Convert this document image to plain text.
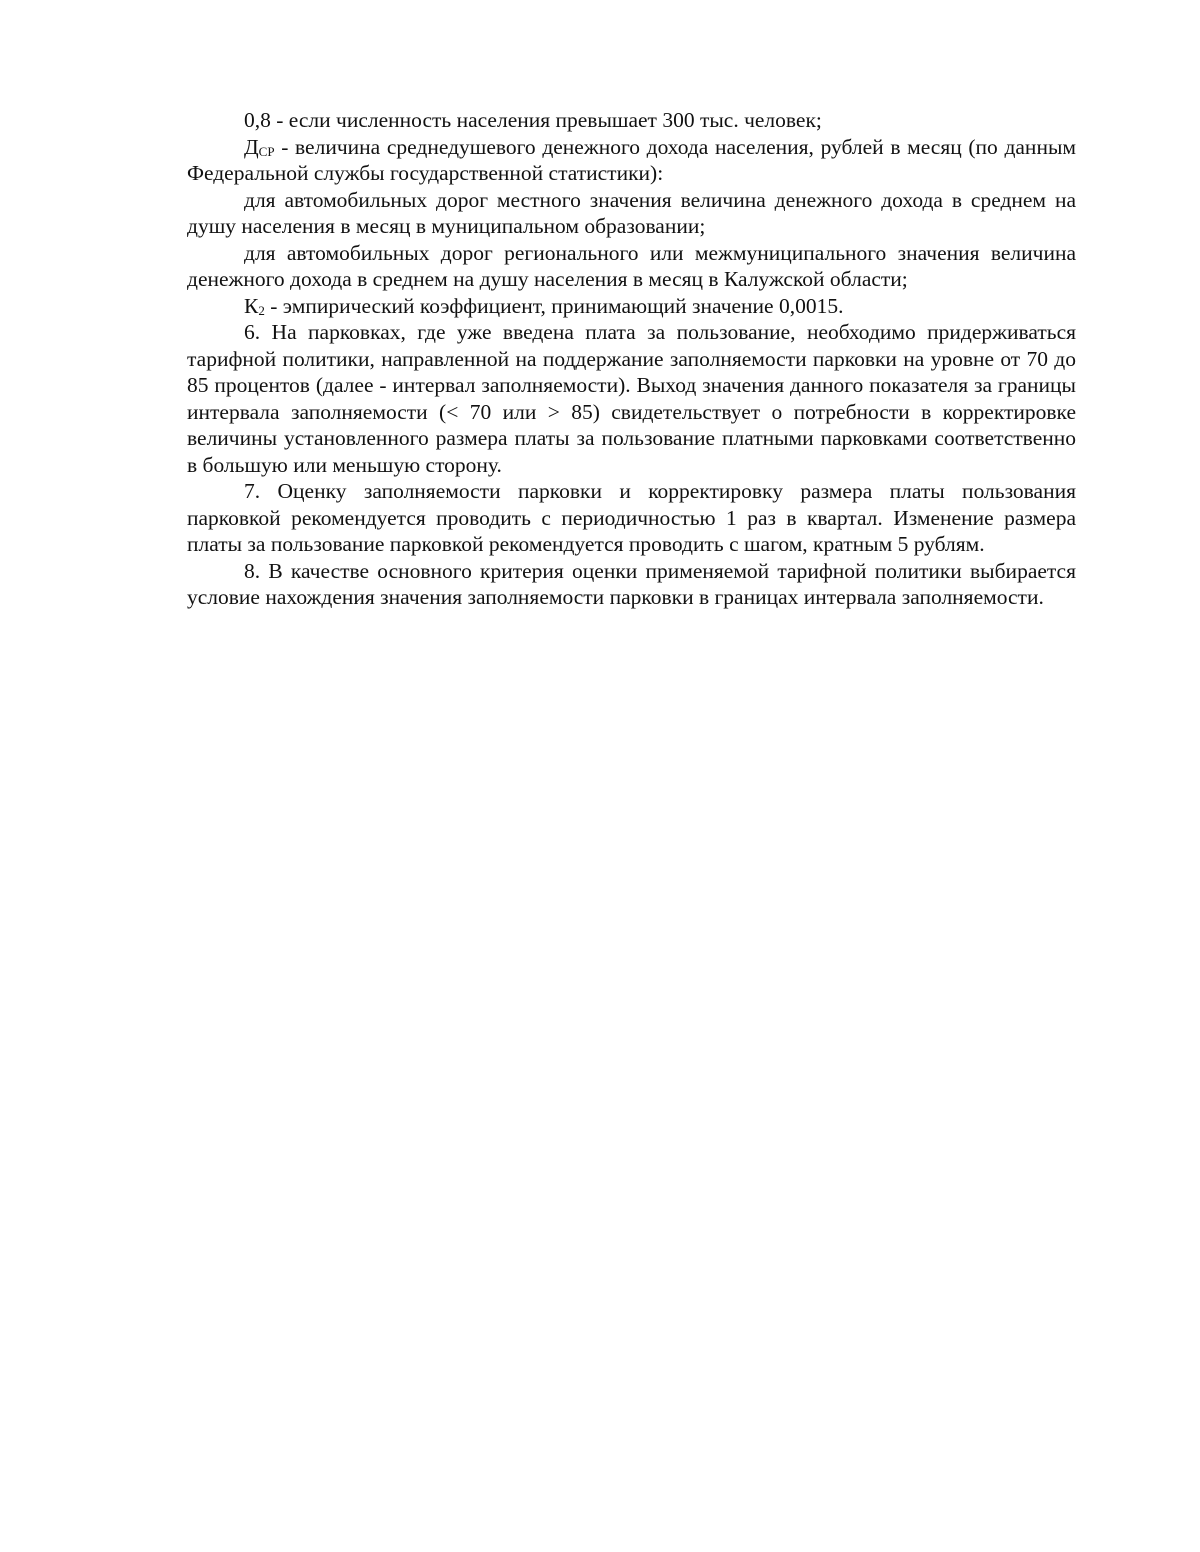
0,8 - если численность населения превышает 300 тыс. человек;

$Д_{СР}$ - величина среднедушевого денежного дохода населения, рублей в месяц (по данным Федеральной службы государственной статистики):

для автомобильных дорог местного значения величина денежного дохода в среднем на душу населения в месяц в муниципальном образовании;

для автомобильных дорог регионального или межмуниципального значения величина денежного дохода в среднем на душу населения в месяц в Калужской области;

$К_2$ - эмпирический коэффициент, принимающий значение 0,0015.

6. На парковках, где уже введена плата за пользование, необходимо придерживаться тарифной политики, направленной на поддержание заполняемости парковки на уровне от 70 до 85 процентов (далее - интервал заполняемости). Выход значения данного показателя за границы интервала заполняемости (< 70 или > 85) свидетельствует о потребности в корректировке величины установленного размера платы за пользование платными парковками соответственно в большую или меньшую сторону.

7. Оценку заполняемости парковки и корректировку размера платы пользования парковкой рекомендуется проводить с периодичностью 1 раз в квартал. Изменение размера платы за пользование парковкой рекомендуется проводить с шагом, кратным 5 рублям.

8. В качестве основного критерия оценки применяемой тарифной политики выбирается условие нахождения значения заполняемости парковки в границах интервала заполняемости.
